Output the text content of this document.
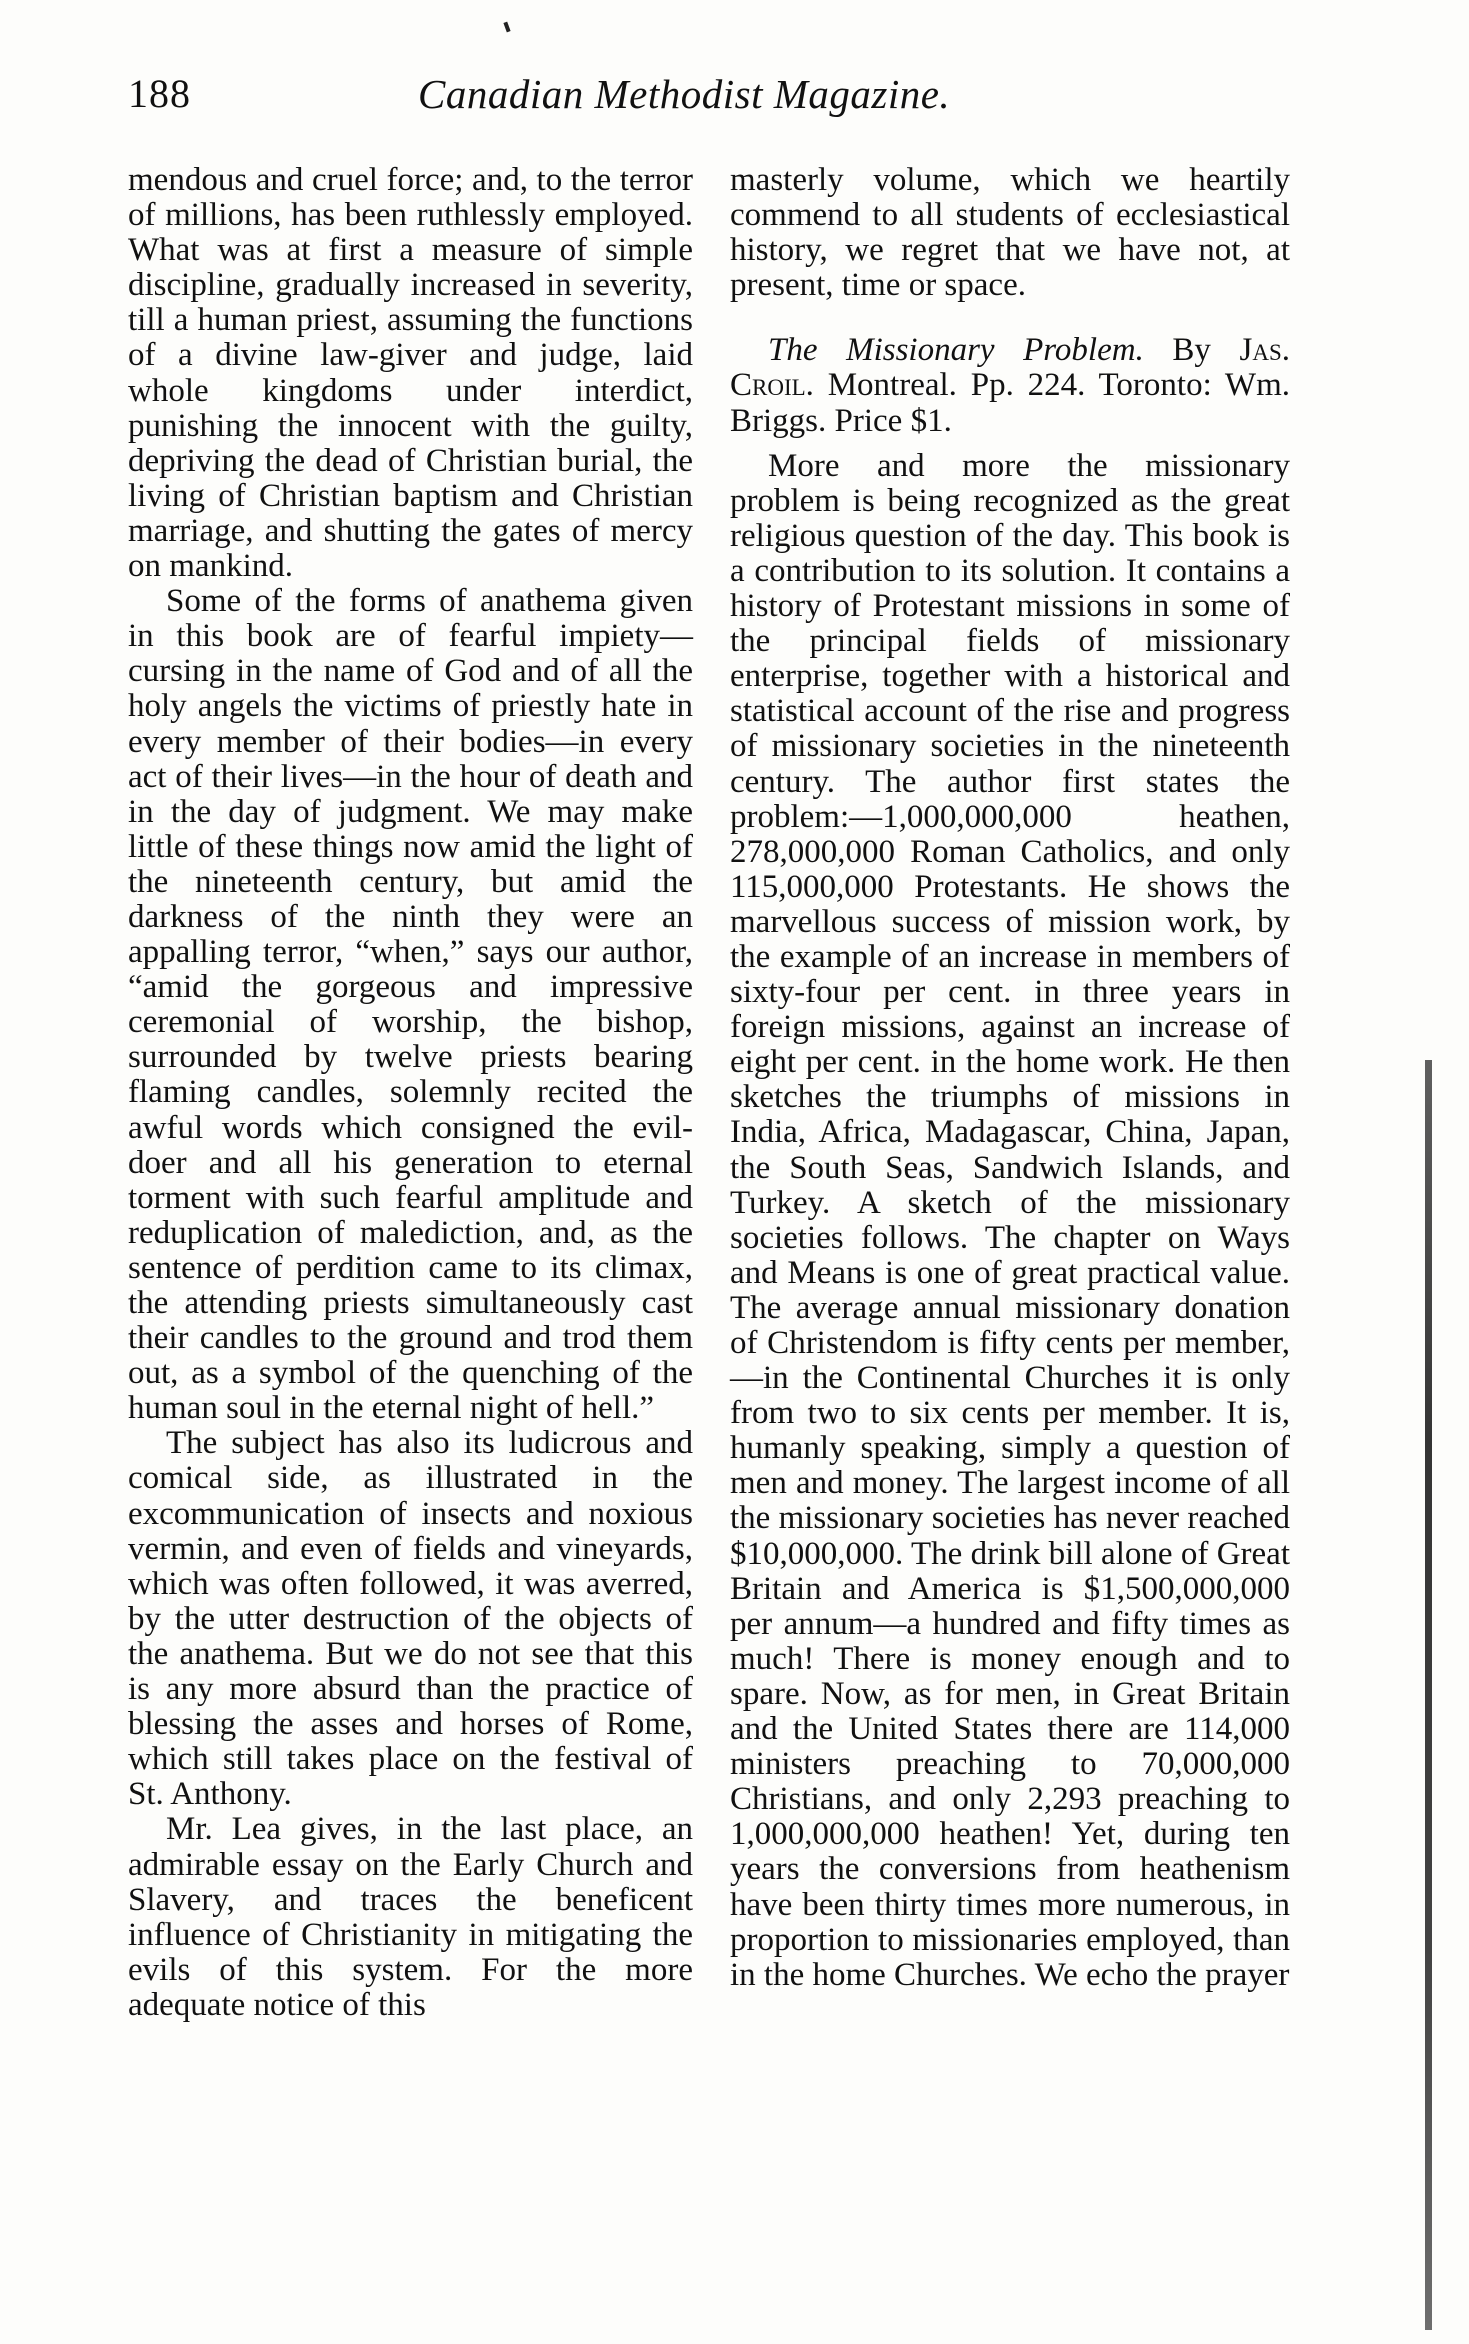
188	Canadian Methodist Magazine.

mendous and cruel force; and, to the terror of millions, has been ruthlessly employed. What was at first a measure of simple discipline, gradually increased in severity, till a human priest, assuming the functions of a divine law-giver and judge, laid whole kingdoms under interdict, punishing the innocent with the guilty, depriving the dead of Christian burial, the living of Christian baptism and Christian marriage, and shutting the gates of mercy on mankind.

Some of the forms of anathema given in this book are of fearful impiety—cursing in the name of God and of all the holy angels the victims of priestly hate in every member of their bodies—in every act of their lives—in the hour of death and in the day of judgment. We may make little of these things now amid the light of the nineteenth century, but amid the darkness of the ninth they were an appalling terror, “when,” says our author, “amid the gorgeous and impressive ceremonial of worship, the bishop, surrounded by twelve priests bearing flaming candles, solemnly recited the awful words which consigned the evil-doer and all his generation to eternal torment with such fearful amplitude and reduplication of malediction, and, as the sentence of perdition came to its climax, the attending priests simultaneously cast their candles to the ground and trod them out, as a symbol of the quenching of the human soul in the eternal night of hell.”

The subject has also its ludicrous and comical side, as illustrated in the excommunication of insects and noxious vermin, and even of fields and vineyards, which was often followed, it was averred, by the utter destruction of the objects of the anathema. But we do not see that this is any more absurd than the practice of blessing the asses and horses of Rome, which still takes place on the festival of St. Anthony.

Mr. Lea gives, in the last place, an admirable essay on the Early Church and Slavery, and traces the beneficent influence of Christianity in mitigating the evils of this system. For the more adequate notice of this

masterly volume, which we heartily commend to all students of ecclesiastical history, we regret that we have not, at present, time or space.

The Missionary Problem. By Jas. Croil. Montreal. Pp. 224. Toronto: Wm. Briggs. Price $1.

More and more the missionary problem is being recognized as the great religious question of the day. This book is a contribution to its solution. It contains a history of Protestant missions in some of the principal fields of missionary enterprise, together with a historical and statistical account of the rise and progress of missionary societies in the nineteenth century. The author first states the problem:—1,000,000,000 heathen, 278,000,000 Roman Catholics, and only 115,000,000 Protestants. He shows the marvellous success of mission work, by the example of an increase in members of sixty-four per cent. in three years in foreign missions, against an increase of eight per cent. in the home work. He then sketches the triumphs of missions in India, Africa, Madagascar, China, Japan, the South Seas, Sandwich Islands, and Turkey. A sketch of the missionary societies follows. The chapter on Ways and Means is one of great practical value. The average annual missionary donation of Christendom is fifty cents per member,—in the Continental Churches it is only from two to six cents per member. It is, humanly speaking, simply a question of men and money. The largest income of all the missionary societies has never reached $10,000,000. The drink bill alone of Great Britain and America is $1,500,000,000 per annum—a hundred and fifty times as much! There is money enough and to spare. Now, as for men, in Great Britain and the United States there are 114,000 ministers preaching to 70,000,000 Christians, and only 2,293 preaching to 1,000,000,000 heathen! Yet, during ten years the conversions from heathenism have been thirty times more numerous, in proportion to missionaries employed, than in the home Churches. We echo the prayer
